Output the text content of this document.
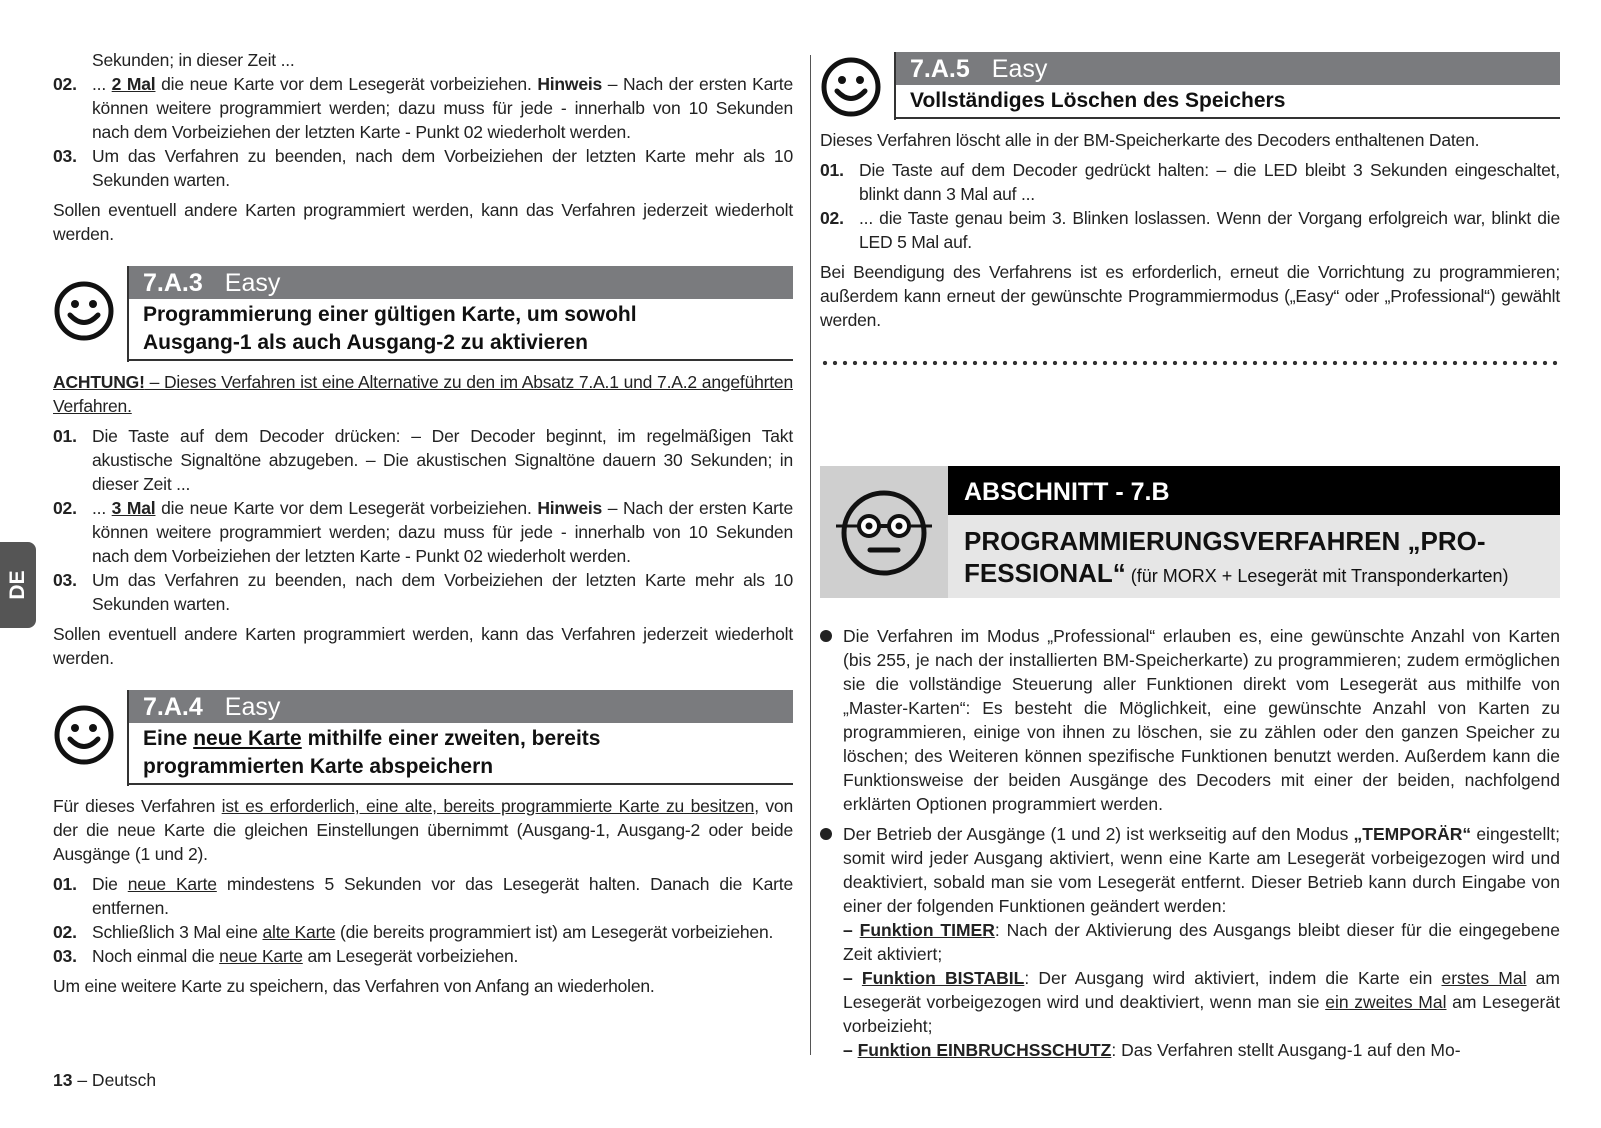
DE

Sekunden; in dieser Zeit ...

02. ... 2 Mal die neue Karte vor dem Lesegerät vorbeiziehen. Hinweis – Nach der ersten Karte können weitere programmiert werden; dazu muss für jede - innerhalb von 10 Sekunden nach dem Vorbeiziehen der letzten Karte - Punkt 02 wiederholt werden.
03. Um das Verfahren zu beenden, nach dem Vorbeiziehen der letzten Karte mehr als 10 Sekunden warten.

Sollen eventuell andere Karten programmiert werden, kann das Verfahren jederzeit wiederholt werden.

7.A.3 Easy
Programmierung einer gültigen Karte, um sowohl
Ausgang-1 als auch Ausgang-2 zu aktivieren

ACHTUNG! – Dieses Verfahren ist eine Alternative zu den im Absatz 7.A.1 und 7.A.2 angeführten Verfahren.

01. Die Taste auf dem Decoder drücken: – Der Decoder beginnt, im regelmäßigen Takt akustische Signaltöne abzugeben. – Die akustischen Signaltöne dauern 30 Sekunden; in dieser Zeit ...
02. ... 3 Mal die neue Karte vor dem Lesegerät vorbeiziehen. Hinweis – Nach der ersten Karte können weitere programmiert werden; dazu muss für jede - innerhalb von 10 Sekunden nach dem Vorbeiziehen der letzten Karte - Punkt 02 wiederholt werden.
03. Um das Verfahren zu beenden, nach dem Vorbeiziehen der letzten Karte mehr als 10 Sekunden warten.

Sollen eventuell andere Karten programmiert werden, kann das Verfahren jederzeit wiederholt werden.

7.A.4 Easy
Eine neue Karte mithilfe einer zweiten, bereits
programmierten Karte abspeichern

Für dieses Verfahren ist es erforderlich, eine alte, bereits programmierte Karte zu besitzen, von der die neue Karte die gleichen Einstellungen übernimmt (Ausgang-1, Ausgang-2 oder beide Ausgänge (1 und 2).

01. Die neue Karte mindestens 5 Sekunden vor das Lesegerät halten. Danach die Karte entfernen.
02. Schließlich 3 Mal eine alte Karte (die bereits programmiert ist) am Lesegerät vorbeiziehen.
03. Noch einmal die neue Karte am Lesegerät vorbeiziehen.

Um eine weitere Karte zu speichern, das Verfahren von Anfang an wiederholen.

7.A.5 Easy
Vollständiges Löschen des Speichers

Dieses Verfahren löscht alle in der BM-Speicherkarte des Decoders enthaltenen Daten.

01. Die Taste auf dem Decoder gedrückt halten: – die LED bleibt 3 Sekunden eingeschaltet, blinkt dann 3 Mal auf ...
02. ... die Taste genau beim 3. Blinken loslassen. Wenn der Vorgang erfolgreich war, blinkt die LED 5 Mal auf.

Bei Beendigung des Verfahrens ist es erforderlich, erneut die Vorrichtung zu programmieren; außerdem kann erneut der gewünschte Programmiermodus („Easy“ oder „Professional“) gewählt werden.

ABSCHNITT - 7.B
PROGRAMMIERUNGSVERFAHREN „PRO-
FESSIONAL“ (für MORX + Lesegerät mit Transponderkarten)
Die Verfahren im Modus „Professional“ erlauben es, eine gewünschte Anzahl von Karten (bis 255, je nach der installierten BM-Speicherkarte) zu programmieren; zudem ermöglichen sie die vollständige Steuerung aller Funktionen direkt vom Lesegerät aus mithilfe von „Master-Karten“: Es besteht die Möglichkeit, eine gewünschte Anzahl von Karten zu programmieren, einige von ihnen zu löschen, sie zu zählen oder den ganzen Speicher zu löschen; des Weiteren können spezifische Funktionen benutzt werden. Außerdem kann die Funktionsweise der beiden Ausgänge des Decoders mit einer der beiden, nachfolgend erklärten Optionen programmiert werden.
Der Betrieb der Ausgänge (1 und 2) ist werkseitig auf den Modus „TEMPORÄR“ eingestellt; somit wird jeder Ausgang aktiviert, wenn eine Karte am Lesegerät vorbeigezogen wird und deaktiviert, sobald man sie vom Lesegerät entfernt. Dieser Betrieb kann durch Eingabe von einer der folgenden Funktionen geändert werden:
– Funktion TIMER: Nach der Aktivierung des Ausgangs bleibt dieser für die eingegebene Zeit aktiviert;
– Funktion BISTABIL: Der Ausgang wird aktiviert, indem die Karte ein erstes Mal am Lesegerät vorbeigezogen wird und deaktiviert, wenn man sie ein zweites Mal am Lesegerät vorbeizieht;
– Funktion EINBRUCHSSCHUTZ: Das Verfahren stellt Ausgang-1 auf den Mo-
13 – Deutsch
